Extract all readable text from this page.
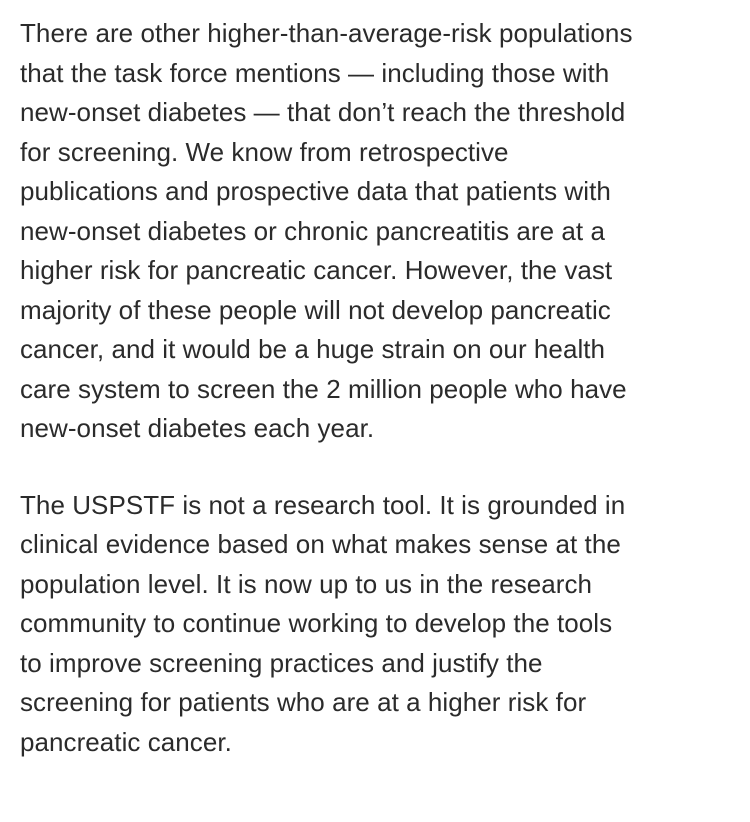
There are other higher-than-average-risk populations
that the task force mentions — including those with
new-onset diabetes — that don’t reach the threshold
for screening. We know from retrospective
publications and prospective data that patients with
new-onset diabetes or chronic pancreatitis are at a
higher risk for pancreatic cancer. However, the vast
majority of these people will not develop pancreatic
cancer, and it would be a huge strain on our health
care system to screen the 2 million people who have
new-onset diabetes each year.

The USPSTF is not a research tool. It is grounded in
clinical evidence based on what makes sense at the
population level. It is now up to us in the research
community to continue working to develop the tools
to improve screening practices and justify the
screening for patients who are at a higher risk for
pancreatic cancer.
